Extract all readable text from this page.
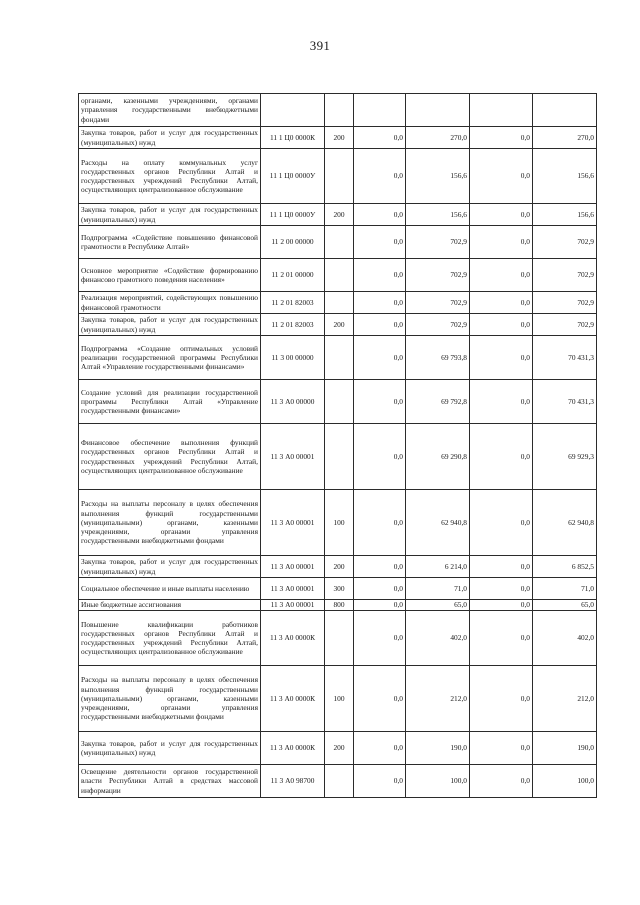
391
органами, казенными учреждениями, органами управления государственными внебюджетными фондами						
Закупка товаров, работ и услуг для государственных (муниципальных) нужд	11 1 Ц0 0000К	200	0,0	270,0	0,0	270,0
Расходы на оплату коммунальных услуг государственных органов Республики Алтай и государственных учреждений Республики Алтай, осуществляющих централизованное обслуживание	11 1 Ц0 0000У		0,0	156,6	0,0	156,6
Закупка товаров, работ и услуг для государственных (муниципальных) нужд	11 1 Ц0 0000У	200	0,0	156,6	0,0	156,6
Подпрограмма «Содействие повышению финансовой грамотности в Республике Алтай»	11 2 00 00000		0,0	702,9	0,0	702,9
Основное мероприятие «Содействие формированию финансово грамотного поведения населения»	11 2 01 00000		0,0	702,9	0,0	702,9
Реализация мероприятий, содействующих повышению финансовой грамотности	11 2 01 82003		0,0	702,9	0,0	702,9
Закупка товаров, работ и услуг для государственных (муниципальных) нужд	11 2 01 82003	200	0,0	702,9	0,0	702,9
Подпрограмма «Создание оптимальных условий реализации государственной программы Республики Алтай «Управление государственными финансами»	11 3 00 00000		0,0	69 793,8	0,0	70 431,3
Создание условий для реализации государственной программы Республики Алтай «Управление государственными финансами»	11 3 А0 00000		0,0	69 792,8	0,0	70 431,3
Финансовое обеспечение выполнения функций государственных органов Республики Алтай и государственных учреждений Республики Алтай, осуществляющих централизованное обслуживание	11 3 А0 00001		0,0	69 290,8	0,0	69 929,3
Расходы на выплаты персоналу в целях обеспечения выполнения функций государственными (муниципальными) органами, казенными учреждениями, органами управления государственными внебюджетными фондами	11 3 А0 00001	100	0,0	62 940,8	0,0	62 940,8
Закупка товаров, работ и услуг для государственных (муниципальных) нужд	11 3 А0 00001	200	0,0	6 214,0	0,0	6 852,5
Социальное обеспечение и иные выплаты населению	11 3 А0 00001	300	0,0	71,0	0,0	71,0
Иные бюджетные ассигнования	11 3 А0 00001	800	0,0	65,0	0,0	65,0
Повышение квалификации работников государственных органов Республики Алтай и государственных учреждений Республики Алтай, осуществляющих централизованное обслуживание	11 3 А0 0000К		0,0	402,0	0,0	402,0
Расходы на выплаты персоналу в целях обеспечения выполнения функций государственными (муниципальными) органами, казенными учреждениями, органами управления государственными внебюджетными фондами	11 3 А0 0000К	100	0,0	212,0	0,0	212,0
Закупка товаров, работ и услуг для государственных (муниципальных) нужд	11 3 А0 0000К	200	0,0	190,0	0,0	190,0
Освещение деятельности органов государственной власти Республики Алтай в средствах массовой информации	11 3 А0 98700		0,0	100,0	0,0	100,0
